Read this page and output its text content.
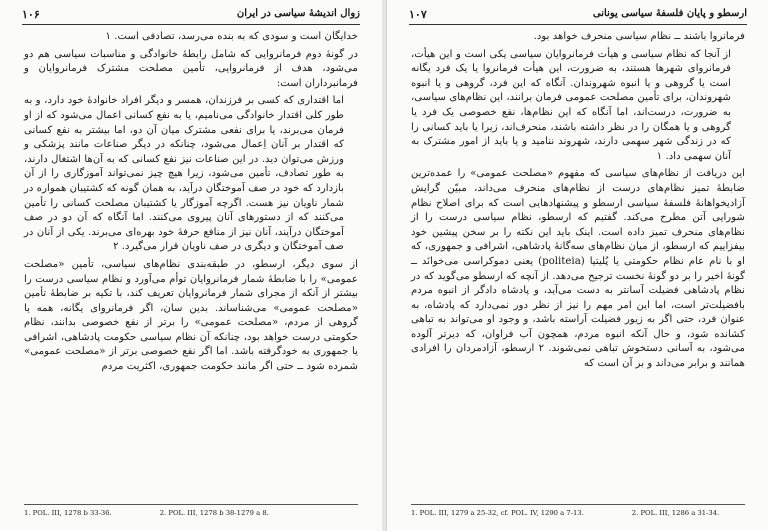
زوال اندیشهٔ سیاسی در ایران
۱۰۶

خدایگان است و سودی که به بنده می‌رسد، تصادفی است. ۱

در گونهٔ دوم فرمانروایی که شامل رابطهٔ خانوادگی و مناسبات سیاسی هم دو می‌شود، هدف از فرمانروایی، تأمین مصلحت مشترک فرمانروایان و فرمانبرداران است:

اما اقتداری که کسی بر فرزندان، همسر و دیگر افراد خانوادهٔ خود دارد، و به طور کلی اقتدار خانوادگی می‌نامیم، یا به نفع کسانی اعمال می‌شود که از او فرمان می‌برند، یا برای نفعی مشترک میان آن دو، اما بیشتر به نفع کسانی که اقتدار بر آنان اِعمال می‌شود، چنانکه در دیگر صناعات مانند پزشکی و ورزش می‌توان دید. در این صناعات نیز نفع کسانی که به آن‌ها اشتغال دارند، به طور تصادف، تأمین می‌شود، زیرا هیچ چیز نمی‌تواند آموزگاری را از آن بازدارد که خود در صف آموختگان درآید، به همان گونه که کشتیبان همواره در شمار ناویان نیز هست. اگرچه آموزگار یا کشتیبان مصلحت کسانی را تأمین می‌کنند که از دستورهای آنان پیروی می‌کنند. اما آنگاه که آن دو در صف آموختگان درآیند، آنان نیز از منافع حرفهٔ خود بهره‌ای می‌برند. یکی از آنان در صف آموختگان و دیگری در صف ناویان قرار می‌گیرد. ۲

از سوی دیگر، ارسطو، در طبقه‌بندی نظام‌های سیاسی، تأمین «مصلحت عمومی» را با ضابطهٔ شمار فرمانروایان توأم می‌آورد و نظام سیاسی درست را بیشتر از آنکه از مجرای شمار فرمانروایان تعریف کند، با تکیه بر ضابطهٔ تأمین «مصلحت عمومی» می‌شناساند. بدین سان، اگر فرمانروای یگانه، همه یا گروهی از مردم، «مصلحت عمومی» را برتر از نفع خصوصی بدانند، نظام حکومتی درست خواهد بود، چنانکه آن نظام سیاسی حکومت پادشاهی، اشرافی یا جمهوری به خودگرفته باشد. اما اگر نفع خصوصی برتر از «مصلحت عمومی» شمرده شود ــ حتی اگر مانند حکومت جمهوری، اکثریت مردم

1. POL. III, 1278 b 33-36.	2. POL. III, 1278 b 38-1279 a 8.
ارسطو و پایان فلسفهٔ سیاسی یونانی
۱۰۷

فرمانروا باشند ــ نظام سیاسی منحرف خواهد بود.

از آنجا که نظام سیاسی و هیأت فرمانروایان سیاسی یکی است و این هیأت، فرمانروای شهرها هستند، به ضرورت، این هیأت فرمانروا یا یک فرد یگانه است یا گروهی و یا انبوه شهروندان. آنگاه که این فرد، گروهی و یا انبوه شهروندان، برای تأمین مصلحت عمومی فرمان برانند، این نظام‌های سیاسی، به ضرورت، درست‌اند، اما آنگاه که این نظام‌ها، نفع خصوصی یک فرد یا گروهی و یا همگان را در نظر داشته باشند، منحرف‌اند، زیرا یا باید کسانی را که در زندگی شهر سهمی دارند، شهروند ننامید و یا باید از امور مشترک به آنان سهمی داد. ۱

این دریافت از نظام‌های سیاسی که مفهوم «مصلحت عمومی» را عمده‌ترین ضابطهٔ تمیز نظام‌های درست از نظام‌های منحرف می‌داند، مبیّن گرایش آزادیخواهانهٔ فلسفهٔ سیاسی ارسطو و پیشنهادهایی است که برای اصلاح نظام شورایی آتن مطرح می‌کند. گفتیم که ارسطو، نظام سیاسی درست را از نظام‌های منحرف تمیز داده است. اینک باید این نکته را بر سخن پیشین خود بیفزاییم که ارسطو، از میان نظام‌های سه‌گانهٔ پادشاهی، اشرافی و جمهوری، که او با نام عام نظام حکومتی یا پُلیتیا (politeia) یعنی دموکراسی می‌خوانَد ــ گونهٔ اخیر را بر دو گونهٔ نخست ترجیح می‌دهد. از آنچه که ارسطو می‌گوید که در نظام پادشاهی فضیلت آسانتر به دست می‌آید، و پادشاه دادگر از انبوه مردم بافضیلت‌تر است، اما این امر مهم را نیز از نظر دور نمی‌دارد که پادشاه، به عنوان فرد، حتی اگر به زیور فضیلت آراسته باشد، و وجود او می‌تواند به تباهی کشانده شود، و حال آنکه انبوه مردم، همچون آب فراوان، که دیرتر آلوده می‌شود، به آسانی دستخوش تباهی نمی‌شوند. ۲ ارسطو، آزادمردان را افرادی همانند و برابر می‌داند و بر آن است که

1. POL. III, 1279 a 25-32, cf. POL. IV, 1290 a 7-13.	2. POL. III, 1286 a 31-34.
